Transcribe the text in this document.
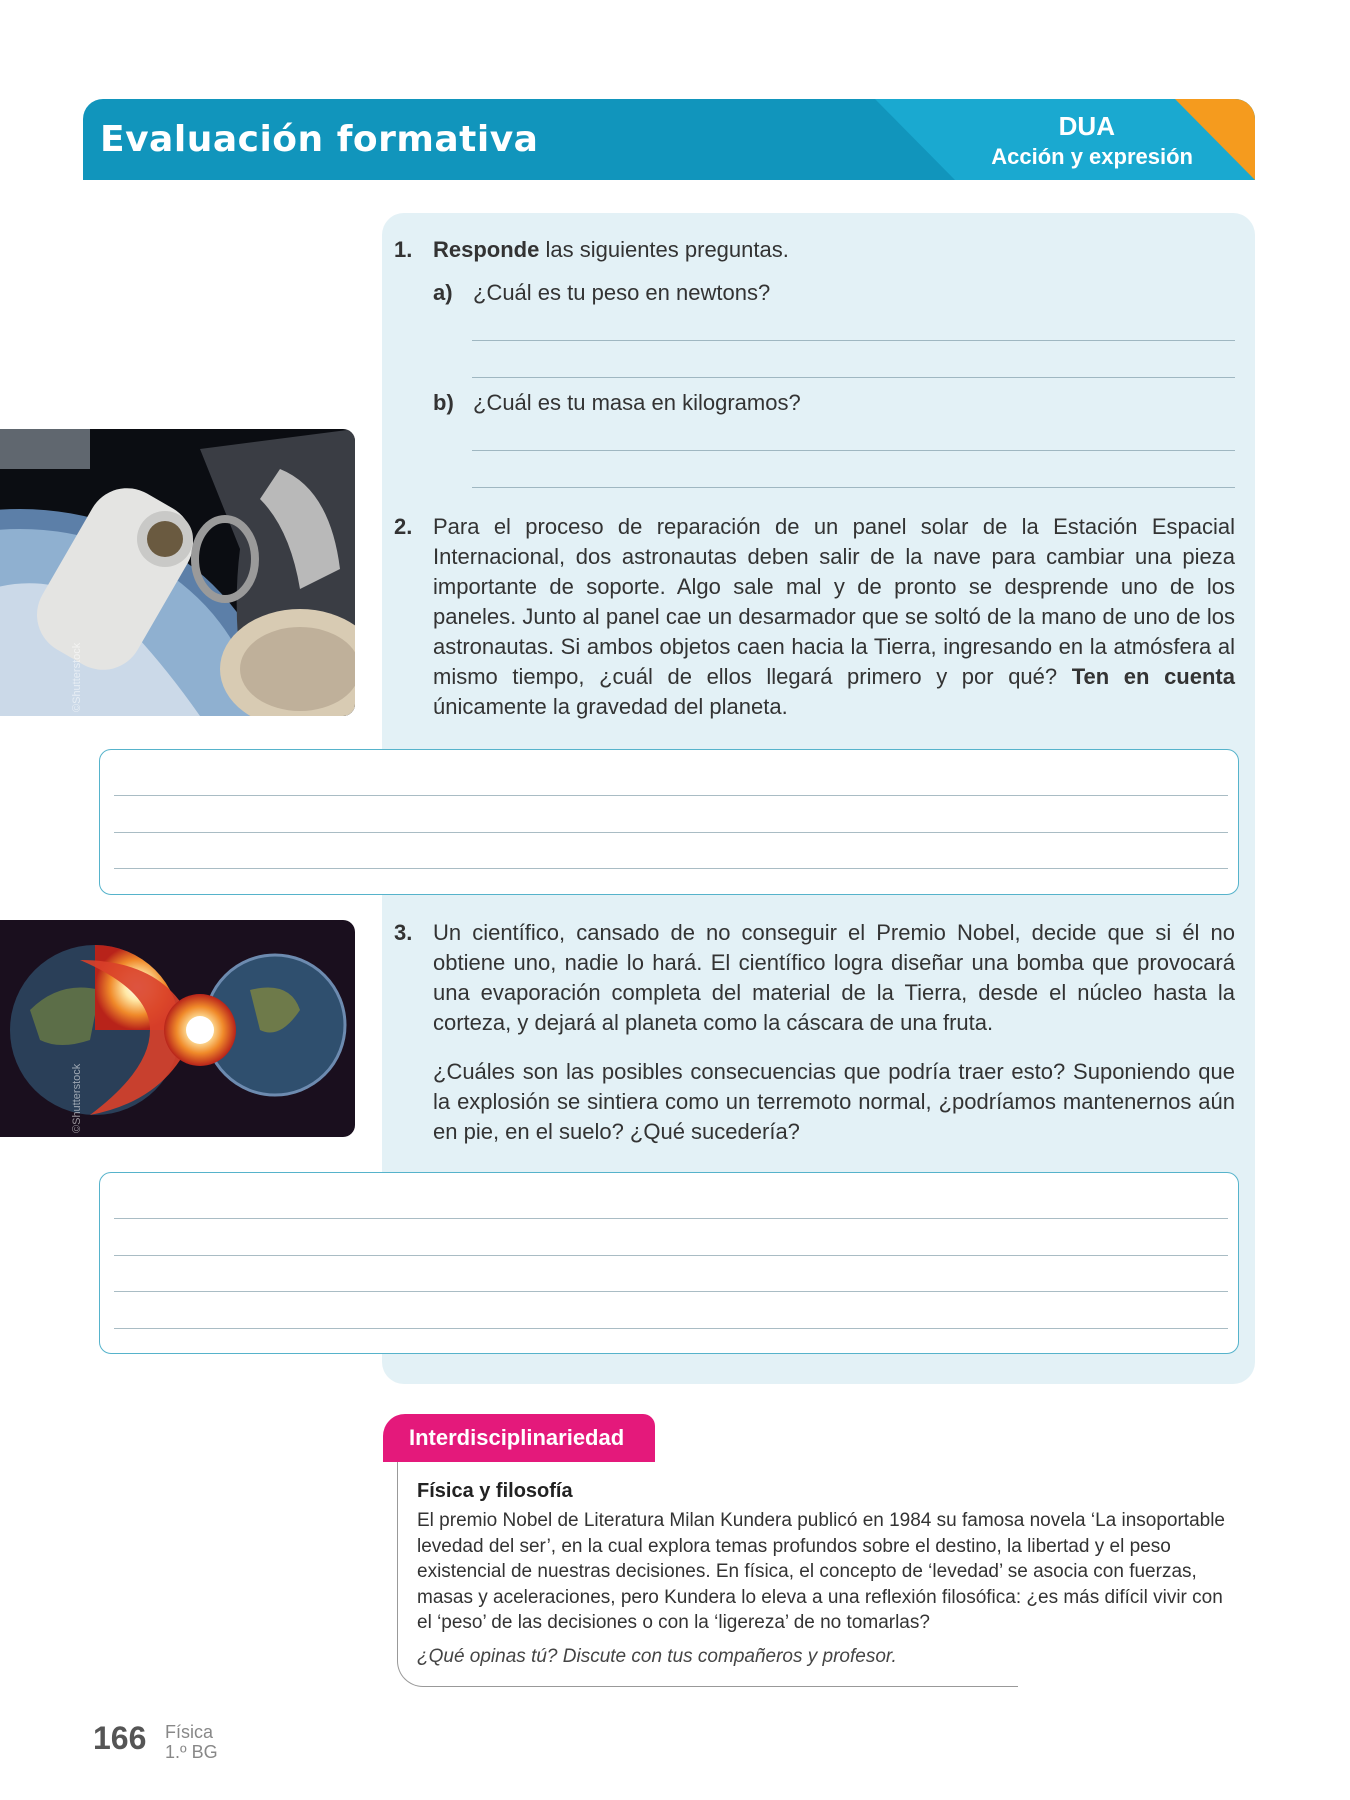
Evaluación formativa	DUA
Acción y expresión
1. Responde las siguientes preguntas.
a) ¿Cuál es tu peso en newtons?
b) ¿Cuál es tu masa en kilogramos?
©Shutterstock
2. Para el proceso de reparación de un panel solar de la Estación Espacial Internacional, dos astronautas deben salir de la nave para cambiar una pieza importante de soporte. Algo sale mal y de pronto se desprende uno de los paneles. Junto al panel cae un desarmador que se soltó de la mano de uno de los astronautas. Si ambos objetos caen hacia la Tierra, ingresando en la atmósfera al mismo tiempo, ¿cuál de ellos llegará primero y por qué? Ten en cuenta únicamente la gravedad del planeta.
©Shutterstock
3. Un científico, cansado de no conseguir el Premio Nobel, decide que si él no obtiene uno, nadie lo hará. El científico logra diseñar una bomba que provocará una evaporación completa del material de la Tierra, desde el núcleo hasta la corteza, y dejará al planeta como la cáscara de una fruta.
¿Cuáles son las posibles consecuencias que podría traer esto? Suponiendo que la explosión se sintiera como un terremoto normal, ¿podríamos mantenernos aún en pie, en el suelo? ¿Qué sucedería?
Interdisciplinariedad
Física y filosofía
El premio Nobel de Literatura Milan Kundera publicó en 1984 su famosa novela ‘La insoportable levedad del ser’, en la cual explora temas profundos sobre el destino, la libertad y el peso existencial de nuestras decisiones. En física, el concepto de ‘levedad’ se asocia con fuerzas, masas y aceleraciones, pero Kundera lo eleva a una reflexión filosófica: ¿es más difícil vivir con el ‘peso’ de las decisiones o con la ‘ligereza’ de no tomarlas?
¿Qué opinas tú? Discute con tus compañeros y profesor.
166 Física
1.º BG
